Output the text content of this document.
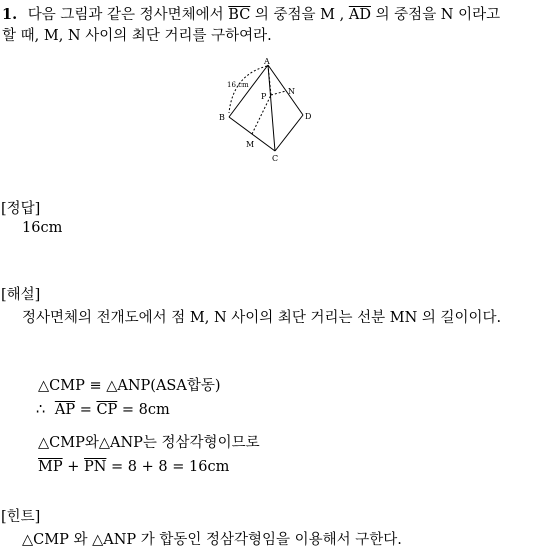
1. 다음 그림과 같은 정사면체에서 $\overline{BC}$ 의 중점을 M , $\overline{AD}$ 의 중점을 N 이라고
할 때, M, N 사이의 최단 거리를 구하여라.
A
B
C
D
M
N
P
16 cm
[정답]
16cm
[해설]
정사면체의 전개도에서 점 M, N 사이의 최단 거리는 선분 MN 의 길이이다.
△CMP ≡ △ANP(ASA합동)
∴ $\overline{AP} = \overline{CP} = 8cm$
△CMP와△ANP는 정삼각형이므로
$\overline{MP} + \overline{PN} = 8 + 8 = 16cm$
[힌트]
△CMP 와 △ANP 가 합동인 정삼각형임을 이용해서 구한다.
